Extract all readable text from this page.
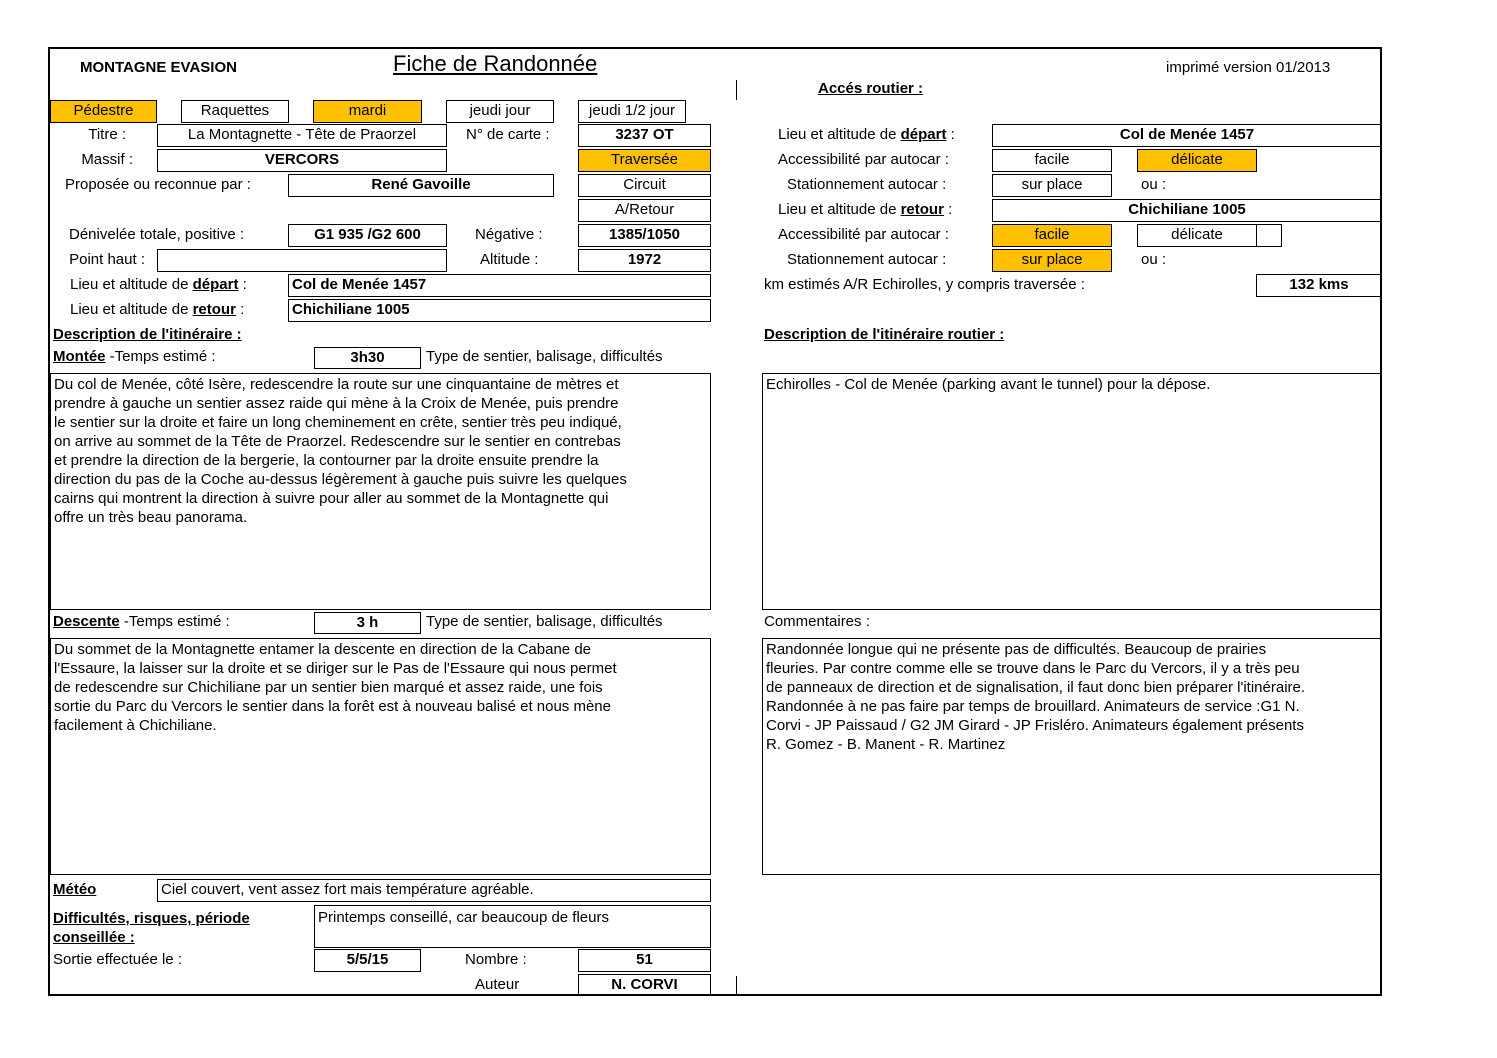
MONTAGNE EVASION	Fiche de Randonnée	imprimé version 01/2013
Accés routier :
Pédestre	Raquettes	mardi	jeudi jour	jeudi 1/2 jour
Titre :	La Montagnette - Tête de Praorzel	N° de carte :	3237 OT
Massif :	VERCORS	Traversée
Proposée ou reconnue par :	René Gavoille	Circuit
A/Retour
Dénivelée totale, positive :	G1 935 /G2 600	Négative :	1385/1050
Point haut :	Altitude :	1972
Lieu et altitude de départ :	Col de Menée 1457
Lieu et altitude de retour :	Chichiliane 1005
Lieu et altitude de départ :	Col de Menée 1457
Accessibilité par autocar :	facile	délicate
Stationnement autocar :	sur place	ou :
Lieu et altitude de retour :	Chichiliane 1005
Accessibilité par autocar :	facile	délicate
Stationnement autocar :	sur place	ou :
km estimés A/R Echirolles, y compris traversée :	132 kms
Description de l'itinéraire :	Description de l'itinéraire routier :
Montée -Temps estimé :	3h30	Type de sentier, balisage, difficultés
Du col de Menée, côté Isère, redescendre la route sur une cinquantaine de mètres et
prendre à gauche un sentier assez raide qui mène à la Croix de Menée, puis prendre
le sentier sur la droite et faire un long cheminement en crête, sentier très peu indiqué,
on arrive au sommet de la Tête de Praorzel. Redescendre sur le sentier en contrebas
et prendre la direction de la bergerie, la contourner par la droite ensuite prendre la
direction du pas de la Coche au-dessus légèrement à gauche puis suivre les quelques
cairns qui montrent la direction à suivre pour aller au sommet de la Montagnette qui
offre un très beau panorama.
Echirolles - Col de Menée (parking avant le tunnel) pour la dépose.
Descente -Temps estimé :	3 h	Type de sentier, balisage, difficultés	Commentaires :
Du sommet de la Montagnette entamer la descente en direction de la Cabane de
l'Essaure, la laisser sur la droite et se diriger sur le Pas de l'Essaure qui nous permet
de redescendre sur Chichiliane par un sentier bien marqué et assez raide, une fois
sortie du Parc du Vercors le sentier dans la forêt est à nouveau balisé et nous mène
facilement à Chichiliane.
Randonnée longue qui ne présente pas de difficultés. Beaucoup de prairies
fleuries. Par contre comme elle se trouve dans le Parc du Vercors, il y a très peu
de panneaux de direction et de signalisation, il faut donc bien préparer l'itinéraire.
Randonnée à ne pas faire par temps de brouillard. Animateurs de service :G1 N.
Corvi - JP Paissaud / G2 JM Girard - JP Frisléro. Animateurs également présents
R. Gomez - B. Manent - R. Martinez
Météo	Ciel couvert, vent assez fort mais température agréable.
Difficultés, risques, période
conseillée :
Printemps conseillé, car beaucoup de fleurs
Sortie effectuée le :	5/5/15	Nombre :	51
Auteur	N. CORVI
